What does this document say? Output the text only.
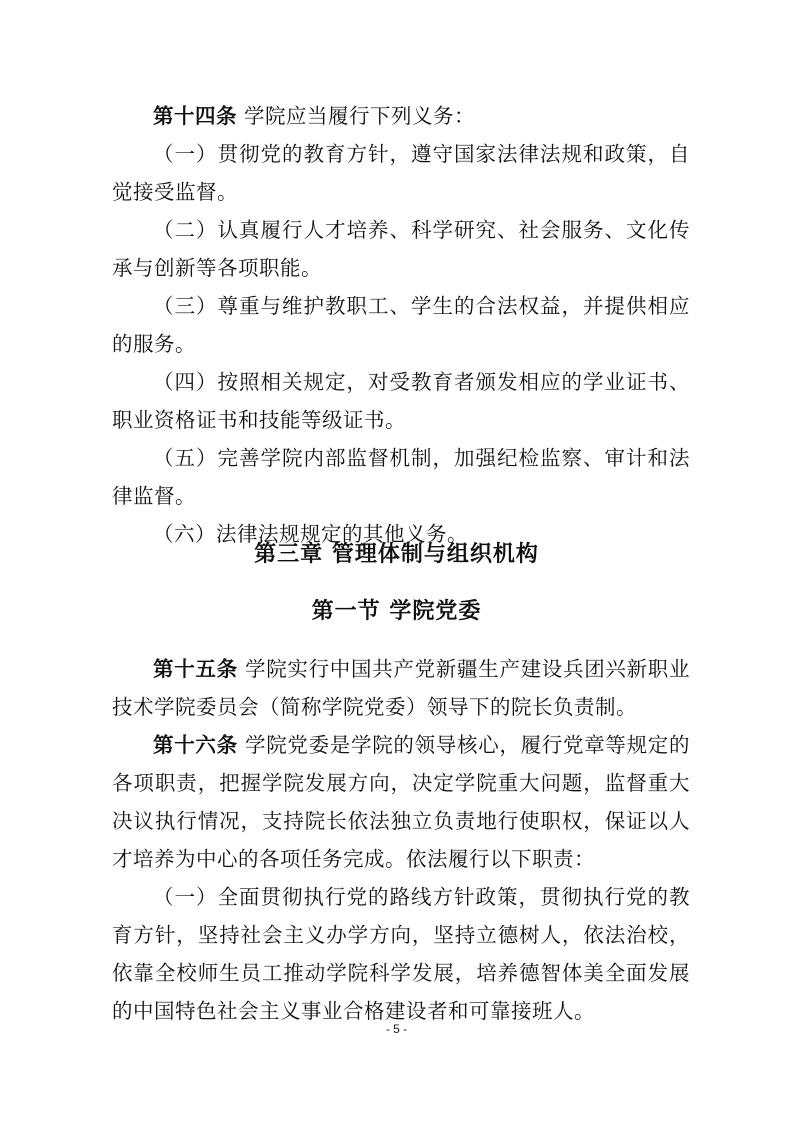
第十四条 学院应当履行下列义务：

（一）贯彻党的教育方针，遵守国家法律法规和政策，自觉接受监督。

（二）认真履行人才培养、科学研究、社会服务、文化传承与创新等各项职能。

（三）尊重与维护教职工、学生的合法权益，并提供相应的服务。

（四）按照相关规定，对受教育者颁发相应的学业证书、职业资格证书和技能等级证书。

（五）完善学院内部监督机制，加强纪检监察、审计和法律监督。

（六）法律法规规定的其他义务。

第三章 管理体制与组织机构
第一节 学院党委

第十五条 学院实行中国共产党新疆生产建设兵团兴新职业技术学院委员会（简称学院党委）领导下的院长负责制。

第十六条 学院党委是学院的领导核心，履行党章等规定的各项职责，把握学院发展方向，决定学院重大问题，监督重大决议执行情况，支持院长依法独立负责地行使职权，保证以人才培养为中心的各项任务完成。依法履行以下职责：

（一）全面贯彻执行党的路线方针政策，贯彻执行党的教育方针，坚持社会主义办学方向，坚持立德树人，依法治校，依靠全校师生员工推动学院科学发展，培养德智体美全面发展的中国特色社会主义事业合格建设者和可靠接班人。

- 5 -
